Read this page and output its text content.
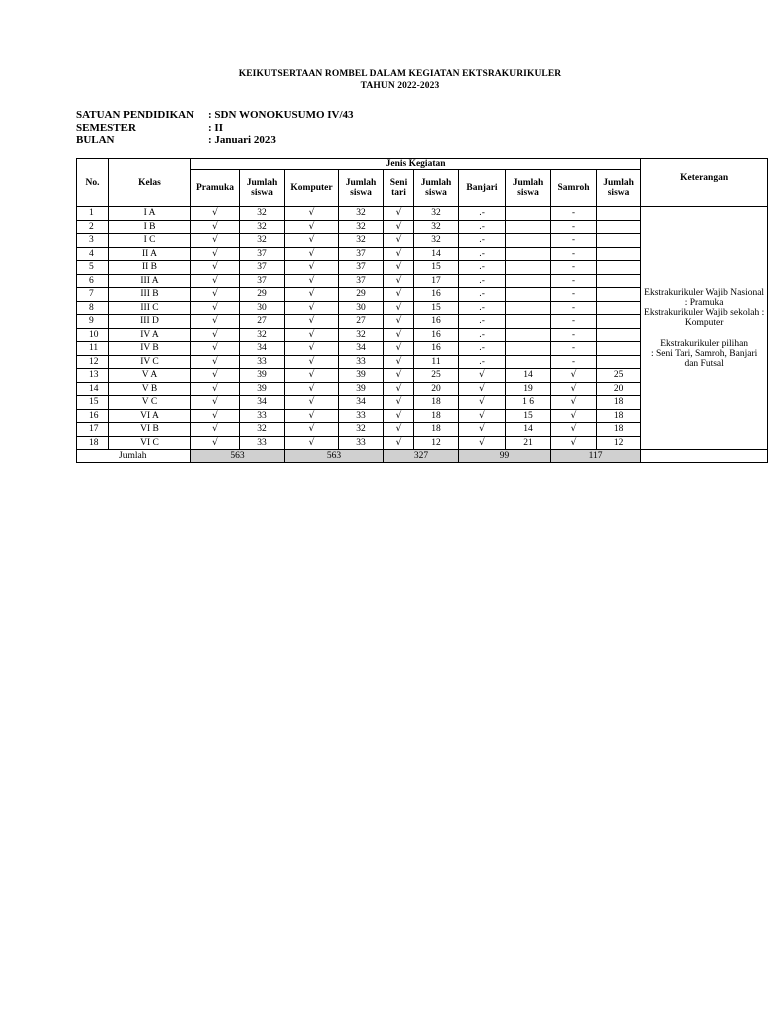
KEIKUTSERTAAN ROMBEL DALAM KEGIATAN EKTSRAKURIKULER
TAHUN 2022-2023
SATUAN PENDIDIKAN	: SDN WONOKUSUMO IV/43
SEMESTER	: II
BULAN	: Januari 2023
No.	Kelas	Jenis Kegiatan										Keterangan
		Pramuka	Jumlah siswa	Komputer	Jumlah siswa	Seni tari	Jumlah siswa	Banjari	Jumlah siswa	Samroh	Jumlah siswa	
1	I A	√	32	√	32	√	32	.-		-		Ekstrakurikuler Wajib Nasional : Pramuka
Ekstrakurikuler Wajib sekolah : Komputer
Ekstrakurikuler pilihan
: Seni Tari, Samroh, Banjari dan Futsal

2	I B	√	32	√	32	√	32	.-		-		
3	I C	√	32	√	32	√	32	.-		-		
4	II A	√	37	√	37	√	14	.-		-		
5	II B	√	37	√	37	√	15	.-		-		
6	III A	√	37	√	37	√	17	.-		-		
7	III B	√	29	√	29	√	16	.-		-		
8	III C	√	30	√	30	√	15	.-		-		
9	III D	√	27	√	27	√	16	.-		-		
10	IV A	√	32	√	32	√	16	.-		-		
11	IV B	√	34	√	34	√	16	.-		-		
12	IV C	√	33	√	33	√	11	.-		-		
13	V A	√	39	√	39	√	25	√	14	√	25	
14	V B	√	39	√	39	√	20	√	19	√	20	
15	V C	√	34	√	34	√	18	√	1 6	√	18	
16	VI A	√	33	√	33	√	18	√	15	√	18	
17	VI B	√	32	√	32	√	18	√	14	√	18	
18	VI C	√	33	√	33	√	12	√	21	√	12	
Jumlah		563		563		327		99		117		
